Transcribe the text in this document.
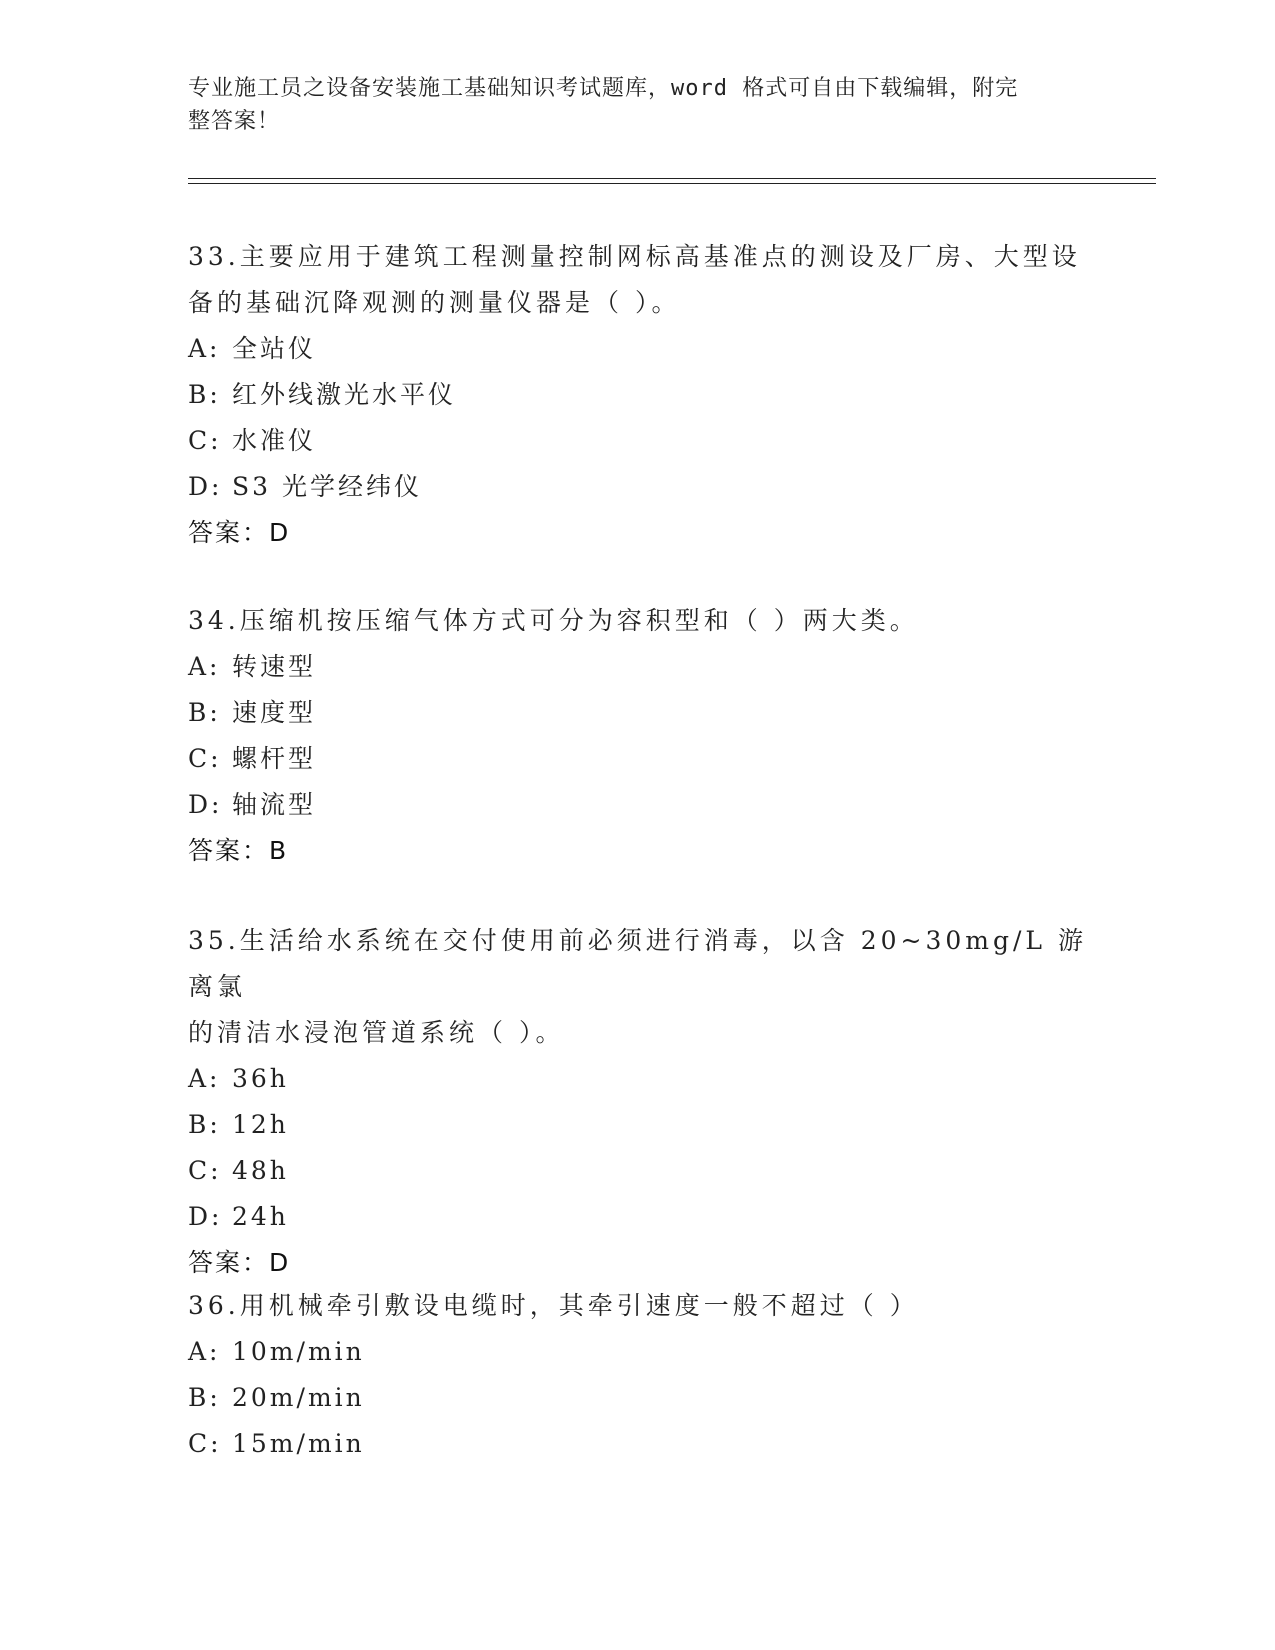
专业施工员之设备安装施工基础知识考试题库，word 格式可自由下载编辑，附完
整答案！
33.主要应用于建筑工程测量控制网标高基准点的测设及厂房、大型设
备的基础沉降观测的测量仪器是（ ）。
A: 全站仪
B: 红外线激光水平仪
C: 水准仪
D: S3 光学经纬仪
答案：D
34.压缩机按压缩气体方式可分为容积型和（ ）两大类。
A: 转速型
B: 速度型
C: 螺杆型
D: 轴流型
答案：B
35.生活给水系统在交付使用前必须进行消毒，以含 20~30mg/L 游离氯
的清洁水浸泡管道系统（ ）。
A: 36h
B: 12h
C: 48h
D: 24h
答案：D
36.用机械牵引敷设电缆时，其牵引速度一般不超过（ ）
A: 10m/min
B: 20m/min
C: 15m/min
